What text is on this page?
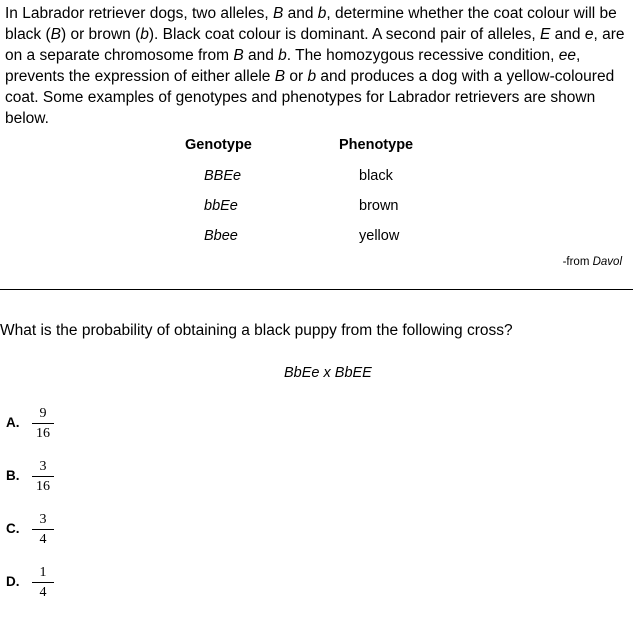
In Labrador retriever dogs, two alleles, B and b, determine whether the coat colour will be black (B) or brown (b). Black coat colour is dominant. A second pair of alleles, E and e, are on a separate chromosome from B and b. The homozygous recessive condition, ee, prevents the expression of either allele B or b and produces a dog with a yellow-coloured coat. Some examples of genotypes and phenotypes for Labrador retrievers are shown below.

Genotype	Phenotype
BBEe	black
bbEe	brown
Bbee	yellow
-from Davol
What is the probability of obtaining a black puppy from the following cross?
BbEe x BbEE
A.
9
16
B.
3
16
C.
3
4
D.
1
4
